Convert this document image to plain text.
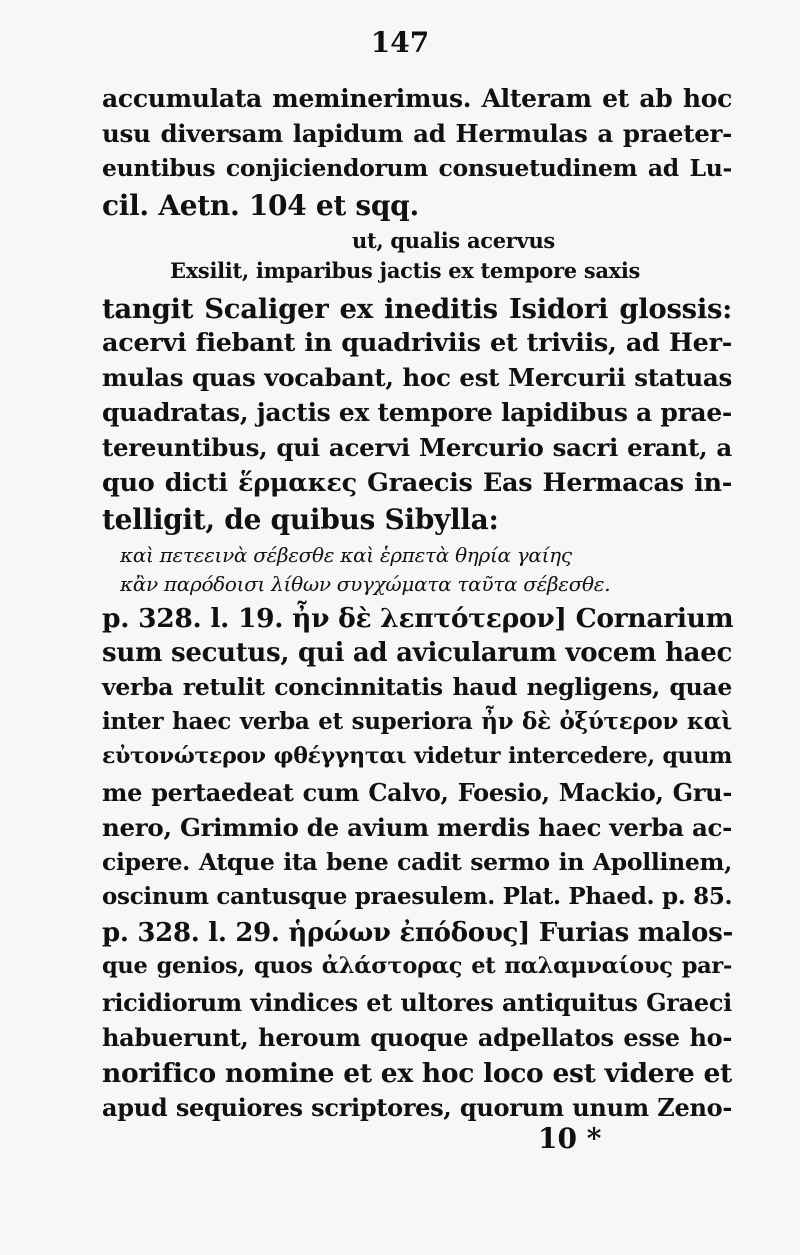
147
accumulata meminerimus. Alteram et ab hoc
usu diversam lapidum ad Hermulas a praeter-
euntibus conjiciendorum consuetudinem ad Lu-
cil. Aetn. 104 et sqq.
ut, qualis acervus
Exsilit, imparibus jactis ex tempore saxis
tangit Scaliger ex ineditis Isidori glossis:
acervi fiebant in quadriviis et triviis, ad Her-
mulas quas vocabant, hoc est Mercurii statuas
quadratas, jactis ex tempore lapidibus a prae-
tereuntibus, qui acervi Mercurio sacri erant, a
quo dicti ἕρμακες Graecis Eas Hermacas in-
telligit, de quibus Sibylla:
καὶ πετεεινὰ σέβεσθε καὶ ἑρπετὰ θηρία γαίης
κἂν παρόδοισι λίθων συγχώματα ταῦτα σέβεσθε.
p. 328. l. 19. ἦν δὲ λεπτότερον] Cornarium
sum secutus, qui ad avicularum vocem haec
verba retulit concinnitatis haud negligens, quae
inter haec verba et superiora ἦν δὲ ὀξύτερον καὶ
εὐτονώτερον φθέγγηται videtur intercedere, quum
me pertaedeat cum Calvo, Foesio, Mackio, Gru-
nero, Grimmio de avium merdis haec verba ac-
cipere. Atque ita bene cadit sermo in Apollinem,
oscinum cantusque praesulem. Plat. Phaed. p. 85.
p. 328. l. 29. ἡρώων ἐπόδους] Furias malos-
que genios, quos ἀλάστορας et παλαμναίους par-
ricidiorum vindices et ultores antiquitus Graeci
habuerunt, heroum quoque adpellatos esse ho-
norifico nomine et ex hoc loco est videre et
apud sequiores scriptores, quorum unum Zeno-
10 *
